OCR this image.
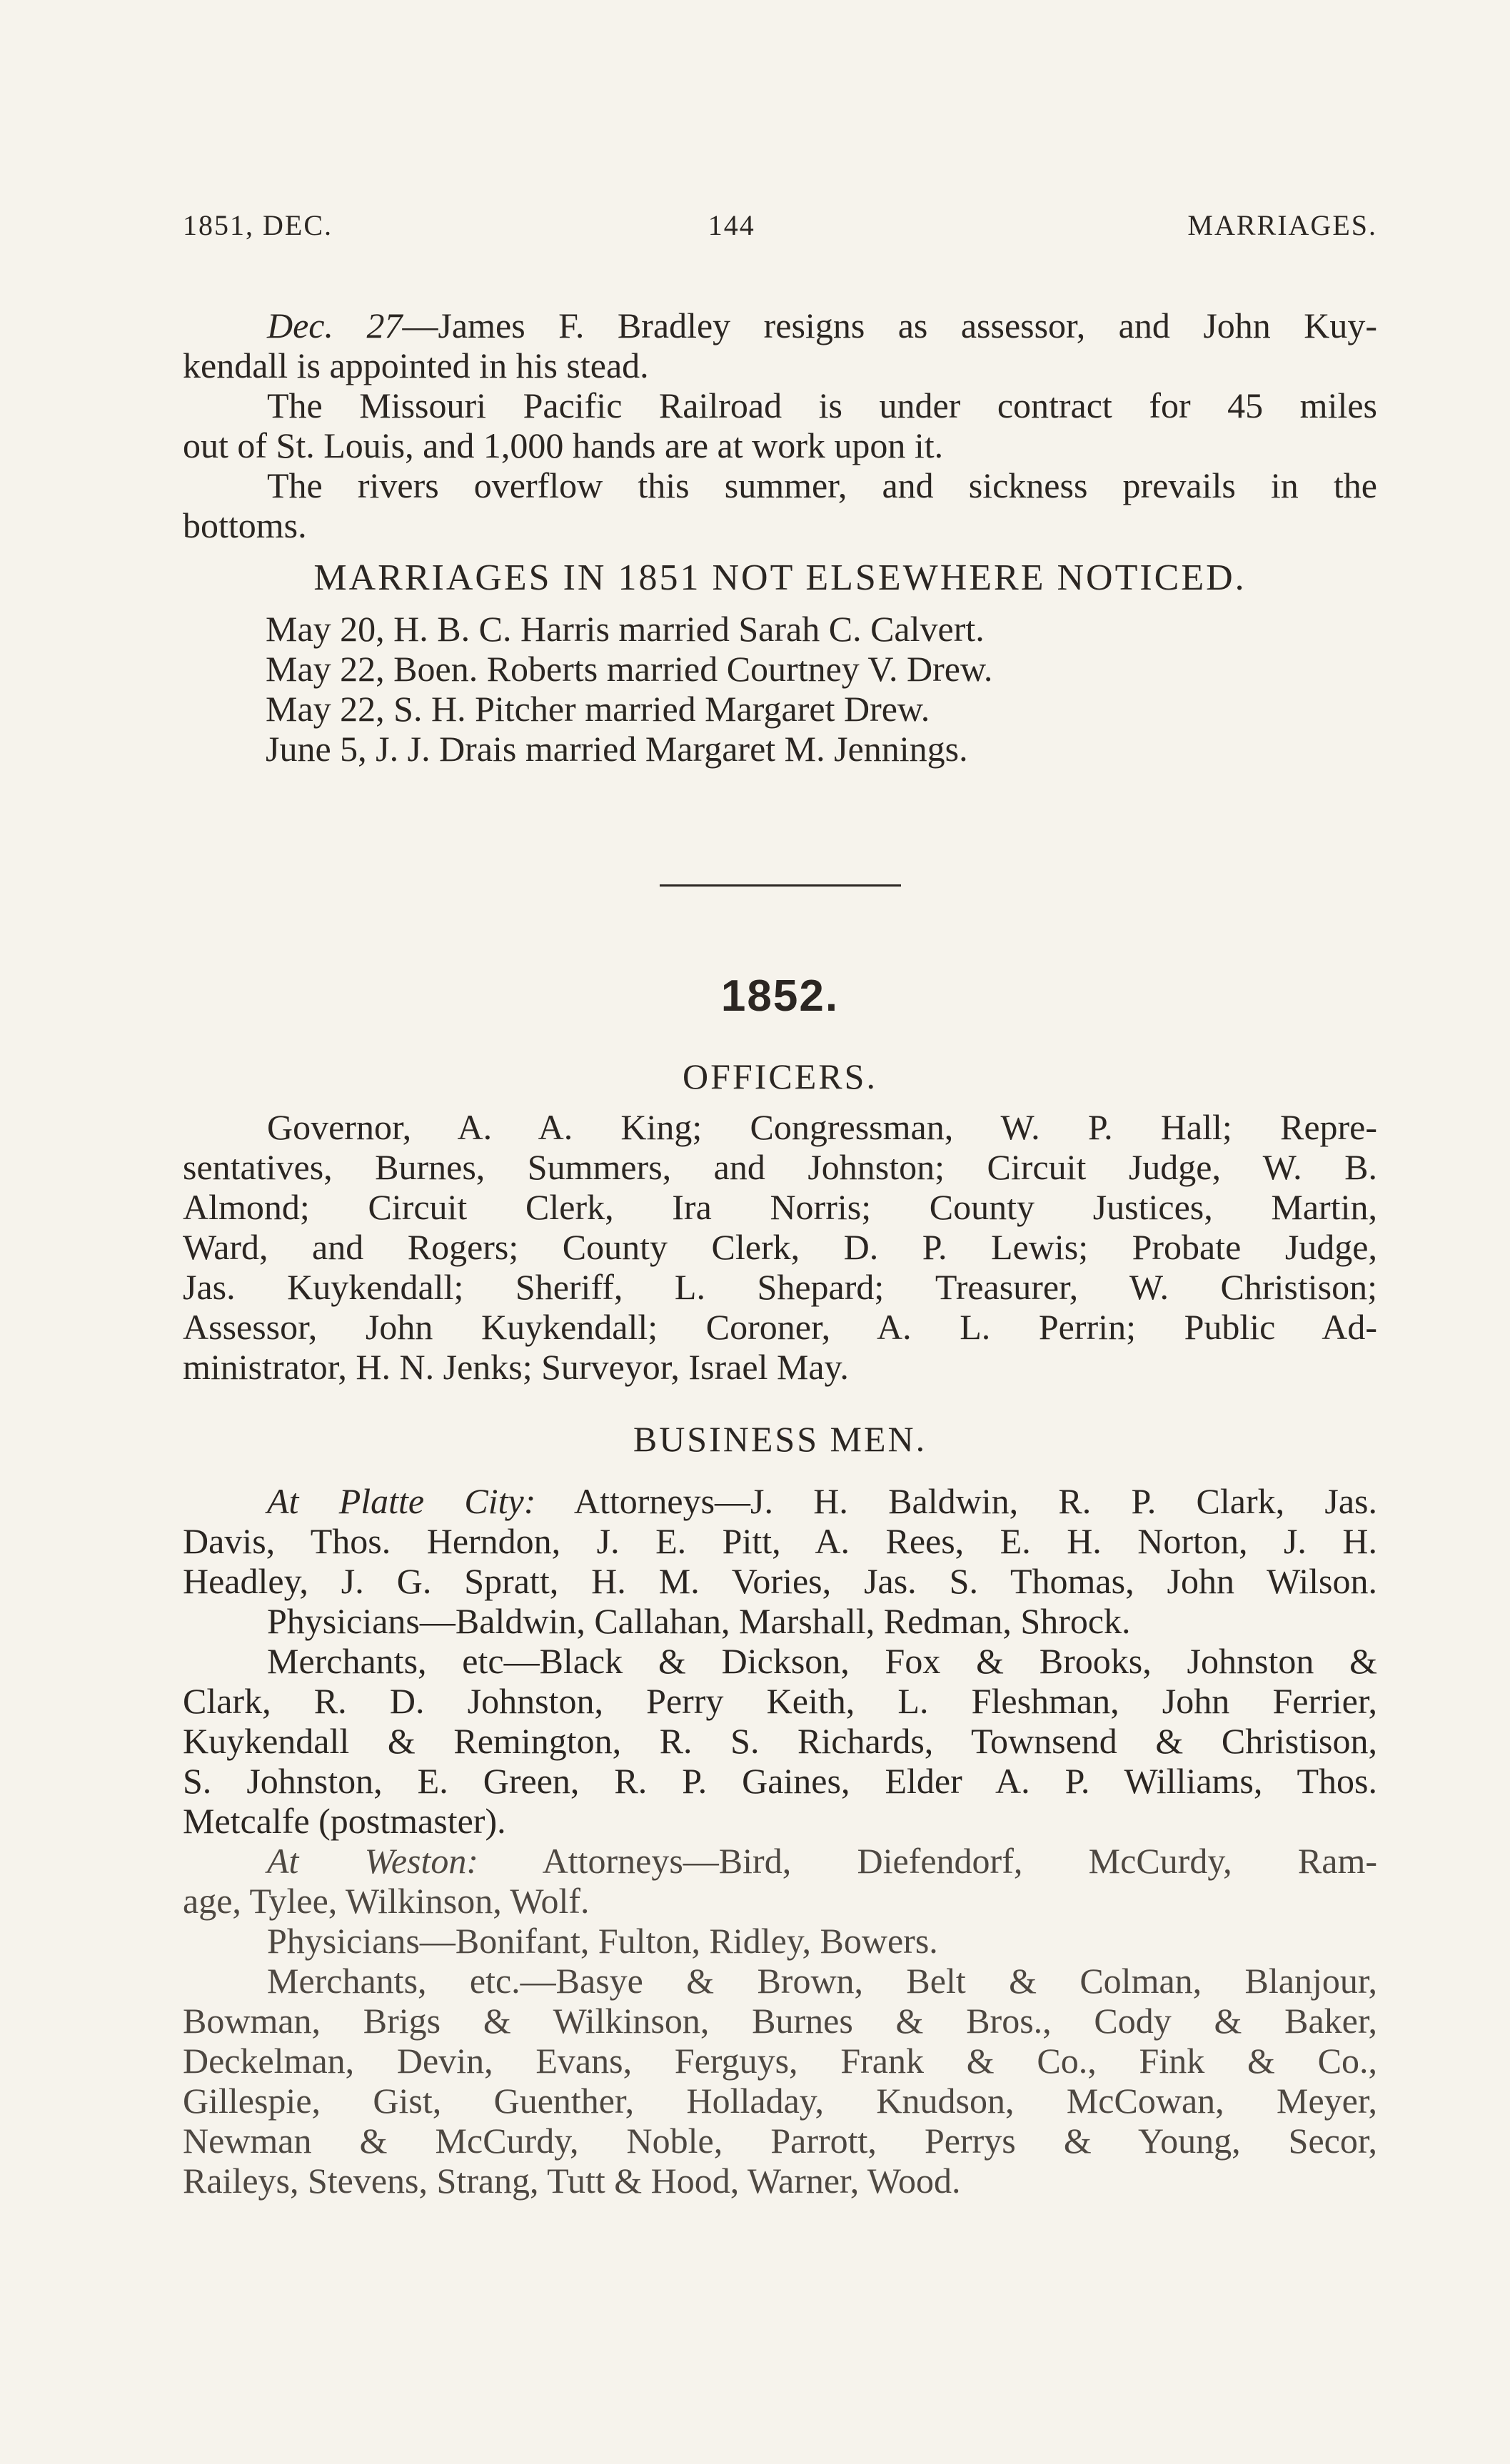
1851, DEC.	144	MARRIAGES.
Dec. 27—James F. Bradley resigns as assessor, and John Kuy-
kendall is appointed in his stead.
The Missouri Pacific Railroad is under contract for 45 miles
out of St. Louis, and 1,000 hands are at work upon it.
The rivers overflow this summer, and sickness prevails in the
bottoms.
MARRIAGES IN 1851 NOT ELSEWHERE NOTICED.
May 20, H. B. C. Harris married Sarah C. Calvert.
May 22, Boen. Roberts married Courtney V. Drew.
May 22, S. H. Pitcher married Margaret Drew.
June 5, J. J. Drais married Margaret M. Jennings.
1852.
OFFICERS.
Governor, A. A. King; Congressman, W. P. Hall; Repre-
sentatives, Burnes, Summers, and Johnston; Circuit Judge, W. B.
Almond; Circuit Clerk, Ira Norris; County Justices, Martin,
Ward, and Rogers; County Clerk, D. P. Lewis; Probate Judge,
Jas. Kuykendall; Sheriff, L. Shepard; Treasurer, W. Christison;
Assessor, John Kuykendall; Coroner, A. L. Perrin; Public Ad-
ministrator, H. N. Jenks; Surveyor, Israel May.
BUSINESS MEN.
At Platte City: Attorneys—J. H. Baldwin, R. P. Clark, Jas.
Davis, Thos. Herndon, J. E. Pitt, A. Rees, E. H. Norton, J. H.
Headley, J. G. Spratt, H. M. Vories, Jas. S. Thomas, John Wilson.
Physicians—Baldwin, Callahan, Marshall, Redman, Shrock.
Merchants, etc—Black & Dickson, Fox & Brooks, Johnston &
Clark, R. D. Johnston, Perry Keith, L. Fleshman, John Ferrier,
Kuykendall & Remington, R. S. Richards, Townsend & Christison,
S. Johnston, E. Green, R. P. Gaines, Elder A. P. Williams, Thos.
Metcalfe (postmaster).
At Weston: Attorneys—Bird, Diefendorf, McCurdy, Ram-
age, Tylee, Wilkinson, Wolf.
Physicians—Bonifant, Fulton, Ridley, Bowers.
Merchants, etc.—Basye & Brown, Belt & Colman, Blanjour,
Bowman, Brigs & Wilkinson, Burnes & Bros., Cody & Baker,
Deckelman, Devin, Evans, Ferguys, Frank & Co., Fink & Co.,
Gillespie, Gist, Guenther, Holladay, Knudson, McCowan, Meyer,
Newman & McCurdy, Noble, Parrott, Perrys & Young, Secor,
Raileys, Stevens, Strang, Tutt & Hood, Warner, Wood.
